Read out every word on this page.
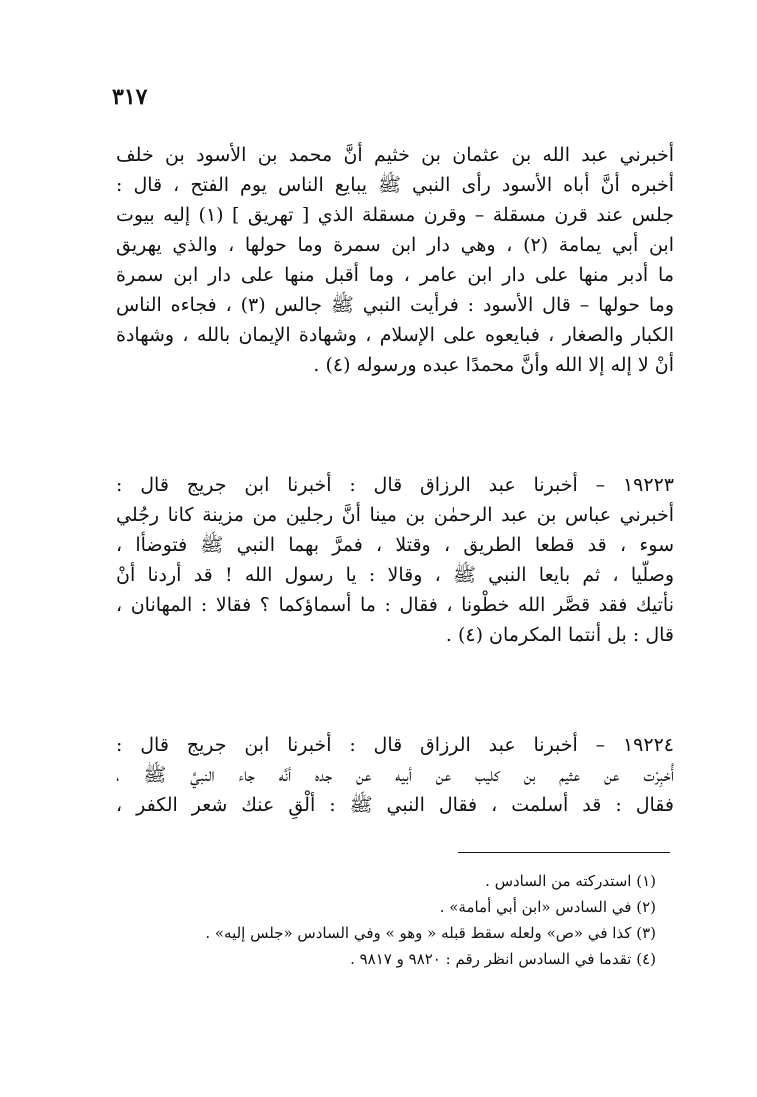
٣١٧
أخبرني عبد الله بن عثمان بن خثيم أنَّ محمد بن الأسود بن خلف
أخبره أنَّ أباه الأسود رأى النبي ﷺ يبايع الناس يوم الفتح ، قال :
جلس عند قرن مسقلة – وقرن مسقلة الذي [ تهريق ] (١) إليه بيوت
ابن أبي يمامة (٢) ، وهي دار ابن سمرة وما حولها ، والذي يهريق
ما أدبر منها على دار ابن عامر ، وما أقبل منها على دار ابن سمرة
وما حولها – قال الأسود : فرأيت النبي ﷺ جالس (٣) ، فجاءه الناس
الكبار والصغار ، فبايعوه على الإسلام ، وشهادة الإيمان بالله ، وشهادة
أنْ لا إله إلا الله وأنَّ محمدًا عبده ورسوله (٤) .
١٩٢٢٣ – أخبرنا عبد الرزاق قال : أخبرنا ابن جريج قال :
أخبرني عباس بن عبد الرحمٰن بن مينا أنَّ رجلين من مزينة كانا رجُلي
سوء ، قد قطعا الطريق ، وقتلا ، فمرَّ بهما النبي ﷺ فتوضأا ،
وصلَّيا ، ثم بايعا النبي ﷺ ، وقالا : يا رسول الله ! قد أردنا أنْ
نأتيك فقد قصَّر الله خطْونا ، فقال : ما أسماؤكما ؟ فقالا : المهانان ،
قال : بل أنتما المكرمان (٤) .
١٩٢٢٤ – أخبرنا عبد الرزاق قال : أخبرنا ابن جريج قال :
أُخبِرْت عن عثيم بن كليب عن أبيه عن جده أنَّه جاء النبيَّ ﷺ ،
فقال : قد أسلمت ، فقال النبي ﷺ : ألْقِ عنك شعر الكفر ،
(١) استدركته من السادس .
(٢) في السادس «ابن أبي أمامة» .
(٣) كذا في «ص» ولعله سقط قبله « وهو » وفي السادس «جلس إليه» .
(٤) تقدما في السادس انظر رقم : ٩٨٢٠ و ٩٨١٧ .
